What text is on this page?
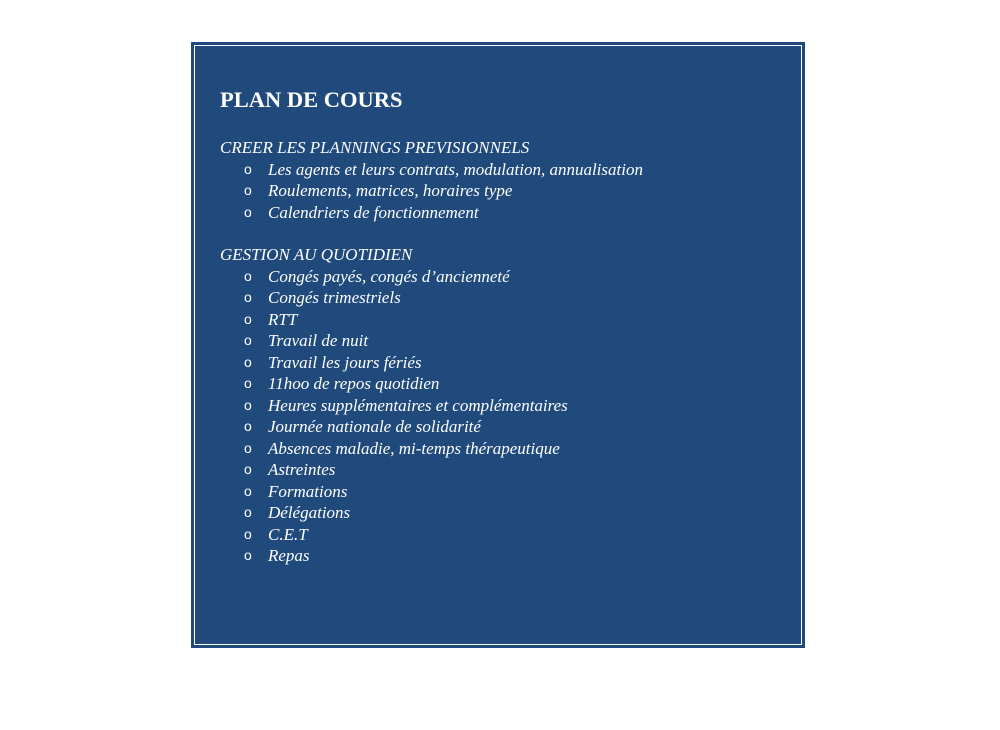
PLAN DE COURS

CREER LES PLANNINGS PREVISIONNELS

o Les agents et leurs contrats, modulation, annualisation
o Roulements, matrices, horaires type
o Calendriers de fonctionnement

GESTION AU QUOTIDIEN

o Congés payés, congés d’ancienneté
o Congés trimestriels
o RTT
o Travail de nuit
o Travail les jours fériés
o 11hoo de repos quotidien
o Heures supplémentaires et complémentaires
o Journée nationale de solidarité
o Absences maladie, mi-temps thérapeutique
o Astreintes
o Formations
o Délégations
o C.E.T
o Repas
